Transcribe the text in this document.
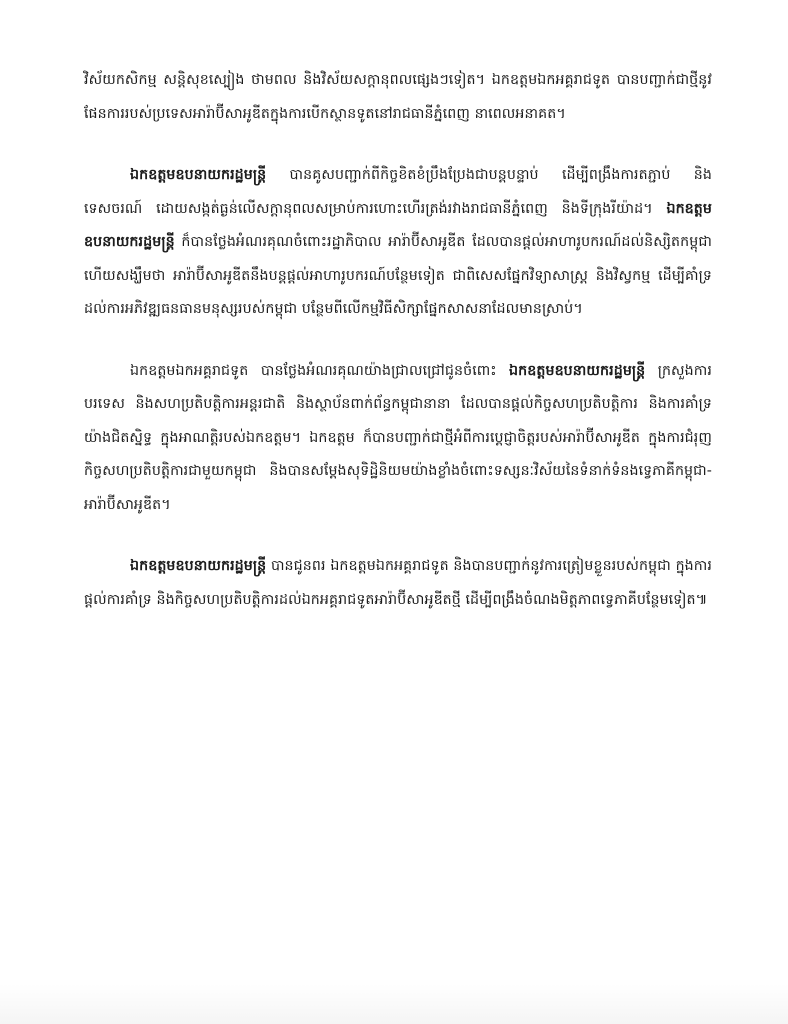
វិស័យកសិកម្ម សន្តិសុខស្បៀង ថាមពល និងវិស័យសក្តានុពលផ្សេងៗទៀត។ ឯកឧត្តមឯកអគ្គរាជទូត បានបញ្ជាក់ជាថ្មីនូវផែនការរបស់ប្រទេសអារ៉ាប៊ីសាអូឌីតក្នុងការបើកស្ថានទូតនៅរាជធានីភ្នំពេញ នាពេលអនាគត។

ឯកឧត្តមឧបនាយករដ្ឋមន្ត្រី បានគូសបញ្ជាក់ពីកិច្ចខិតខំប្រឹងប្រែងជាបន្តបន្ទាប់ ដើម្បីពង្រឹងការតភ្ជាប់ និងទេសចរណ៍ ដោយសង្កត់ធ្ងន់លើសក្តានុពលសម្រាប់ការហោះហើរត្រង់រវាងរាជធានីភ្នំពេញ និងទីក្រុងរីយ៉ាដ។ ឯកឧត្តមឧបនាយករដ្ឋមន្ត្រី ក៏បានថ្លែងអំណរគុណចំពោះរដ្ឋាភិបាល អារ៉ាប៊ីសាអូឌីត ដែលបានផ្តល់អាហារូបករណ៍ដល់និស្សិតកម្ពុជា ហើយសង្ឃឹមថា អារ៉ាប៊ីសាអូឌីតនឹងបន្តផ្តល់អាហារូបករណ៍បន្ថែមទៀត ជាពិសេសផ្នែកវិទ្យាសាស្ត្រ និងវិស្វកម្ម ដើម្បីគាំទ្រដល់ការអភិវឌ្ឍធនធានមនុស្សរបស់កម្ពុជា បន្ថែមពីលើកម្មវិធីសិក្សាផ្នែកសាសនាដែលមានស្រាប់។

ឯកឧត្តមឯកអគ្គរាជទូត បានថ្លែងអំណរគុណយ៉ាងជ្រាលជ្រៅជូនចំពោះ ឯកឧត្តមឧបនាយករដ្ឋមន្ត្រី ក្រសួងការបរទេស និងសហប្រតិបត្តិការអន្តរជាតិ និងស្ថាប័នពាក់ព័ន្ធកម្ពុជានានា ដែលបានផ្តល់កិច្ចសហប្រតិបត្តិការ និងការគាំទ្រយ៉ាងជិតស្និទ្ធ ក្នុងអាណត្តិរបស់ឯកឧត្តម។ ឯកឧត្តម ក៏បានបញ្ជាក់ជាថ្មីអំពីការប្តេជ្ញាចិត្តរបស់អារ៉ាប៊ីសាអូឌីត ក្នុងការជំរុញកិច្ចសហប្រតិបត្តិការជាមួយកម្ពុជា និងបានសម្តែងសុទិដ្ឋិនិយមយ៉ាងខ្លាំងចំពោះទស្សនៈវិស័យនៃទំនាក់ទំនងទ្វេភាគីកម្ពុជា-អារ៉ាប៊ីសាអូឌីត។

ឯកឧត្តមឧបនាយករដ្ឋមន្ត្រី បានជូនពរ ឯកឧត្តមឯកអគ្គរាជទូត និងបានបញ្ជាក់នូវការត្រៀមខ្លួនរបស់កម្ពុជា ក្នុងការផ្តល់ការគាំទ្រ និងកិច្ចសហប្រតិបត្តិការដល់ឯកអគ្គរាជទូតអារ៉ាប៊ីសាអូឌីតថ្មី ដើម្បីពង្រឹងចំណងមិត្តភាពទ្វេភាគីបន្ថែមទៀត៕
